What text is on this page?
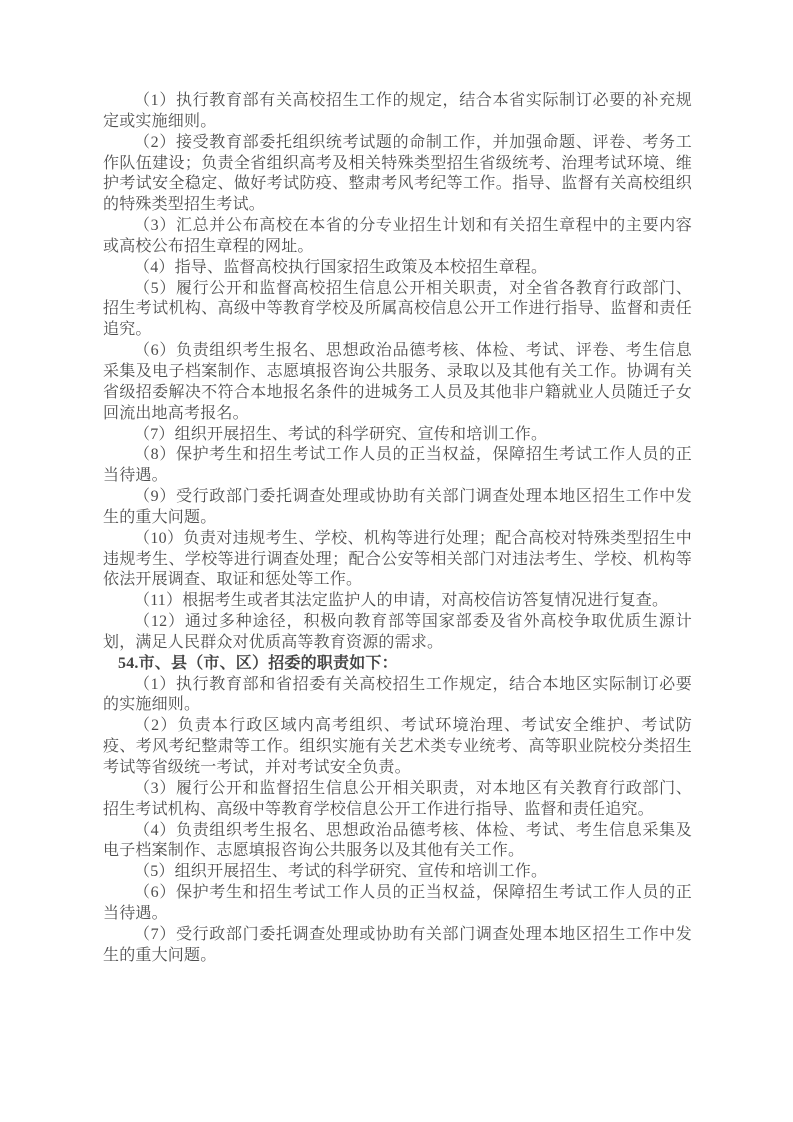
（1）执行教育部有关高校招生工作的规定，结合本省实际制订必要的补充规定或实施细则。

（2）接受教育部委托组织统考试题的命制工作，并加强命题、评卷、考务工作队伍建设；负责全省组织高考及相关特殊类型招生省级统考、治理考试环境、维护考试安全稳定、做好考试防疫、整肃考风考纪等工作。指导、监督有关高校组织的特殊类型招生考试。

（3）汇总并公布高校在本省的分专业招生计划和有关招生章程中的主要内容或高校公布招生章程的网址。

（4）指导、监督高校执行国家招生政策及本校招生章程。

（5）履行公开和监督高校招生信息公开相关职责，对全省各教育行政部门、招生考试机构、高级中等教育学校及所属高校信息公开工作进行指导、监督和责任追究。

（6）负责组织考生报名、思想政治品德考核、体检、考试、评卷、考生信息采集及电子档案制作、志愿填报咨询公共服务、录取以及其他有关工作。协调有关省级招委解决不符合本地报名条件的进城务工人员及其他非户籍就业人员随迁子女回流出地高考报名。

（7）组织开展招生、考试的科学研究、宣传和培训工作。

（8）保护考生和招生考试工作人员的正当权益，保障招生考试工作人员的正当待遇。

（9）受行政部门委托调查处理或协助有关部门调查处理本地区招生工作中发生的重大问题。

（10）负责对违规考生、学校、机构等进行处理；配合高校对特殊类型招生中违规考生、学校等进行调查处理；配合公安等相关部门对违法考生、学校、机构等依法开展调查、取证和惩处等工作。

（11）根据考生或者其法定监护人的申请，对高校信访答复情况进行复查。

（12）通过多种途径，积极向教育部等国家部委及省外高校争取优质生源计划，满足人民群众对优质高等教育资源的需求。

54.市、县（市、区）招委的职责如下：

（1）执行教育部和省招委有关高校招生工作规定，结合本地区实际制订必要的实施细则。

（2）负责本行政区域内高考组织、考试环境治理、考试安全维护、考试防疫、考风考纪整肃等工作。组织实施有关艺术类专业统考、高等职业院校分类招生考试等省级统一考试，并对考试安全负责。

（3）履行公开和监督招生信息公开相关职责，对本地区有关教育行政部门、招生考试机构、高级中等教育学校信息公开工作进行指导、监督和责任追究。

（4）负责组织考生报名、思想政治品德考核、体检、考试、考生信息采集及电子档案制作、志愿填报咨询公共服务以及其他有关工作。

（5）组织开展招生、考试的科学研究、宣传和培训工作。

（6）保护考生和招生考试工作人员的正当权益，保障招生考试工作人员的正当待遇。

（7）受行政部门委托调查处理或协助有关部门调查处理本地区招生工作中发生的重大问题。
